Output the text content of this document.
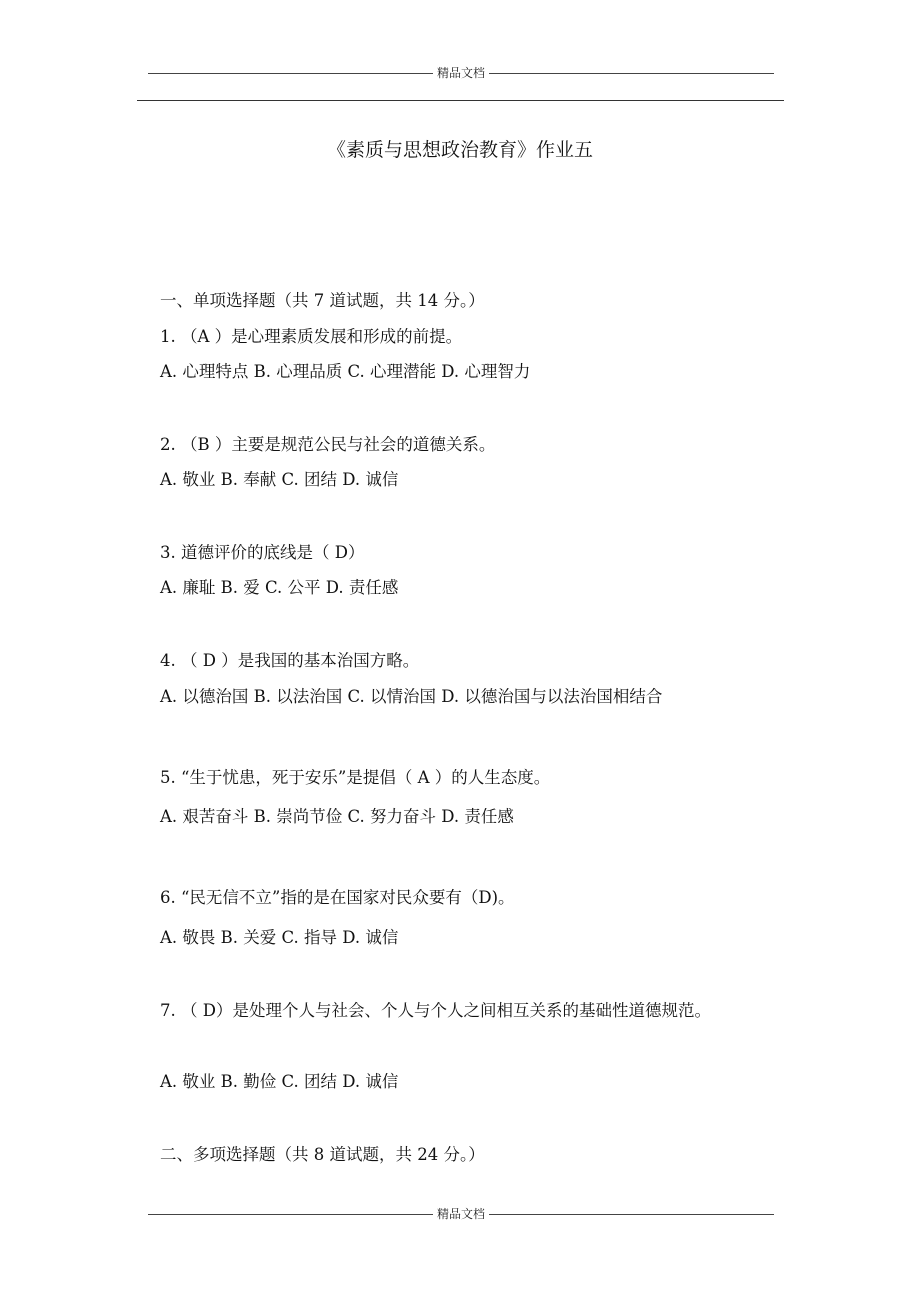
精品文档
《素质与思想政治教育》作业五
一、单项选择题（共 7 道试题，共 14 分。）
1. （A ）是心理素质发展和形成的前提。
A. 心理特点 B. 心理品质 C. 心理潜能 D. 心理智力
2. （B ）主要是规范公民与社会的道德关系。
A. 敬业 B. 奉献 C. 团结 D. 诚信
3. 道德评价的底线是（ D）
A. 廉耻 B. 爱 C. 公平 D. 责任感
4. （ D ）是我国的基本治国方略。
A. 以德治国 B. 以法治国 C. 以情治国 D. 以德治国与以法治国相结合
5. “生于忧患，死于安乐”是提倡（ A ）的人生态度。
A. 艰苦奋斗 B. 崇尚节俭 C. 努力奋斗 D. 责任感
6. “民无信不立”指的是在国家对民众要有（D)。
A. 敬畏 B. 关爱 C. 指导 D. 诚信
7. （ D）是处理个人与社会、个人与个人之间相互关系的基础性道德规范。
A. 敬业 B. 勤俭 C. 团结 D. 诚信
二、多项选择题（共 8 道试题，共 24 分。）
精品文档
